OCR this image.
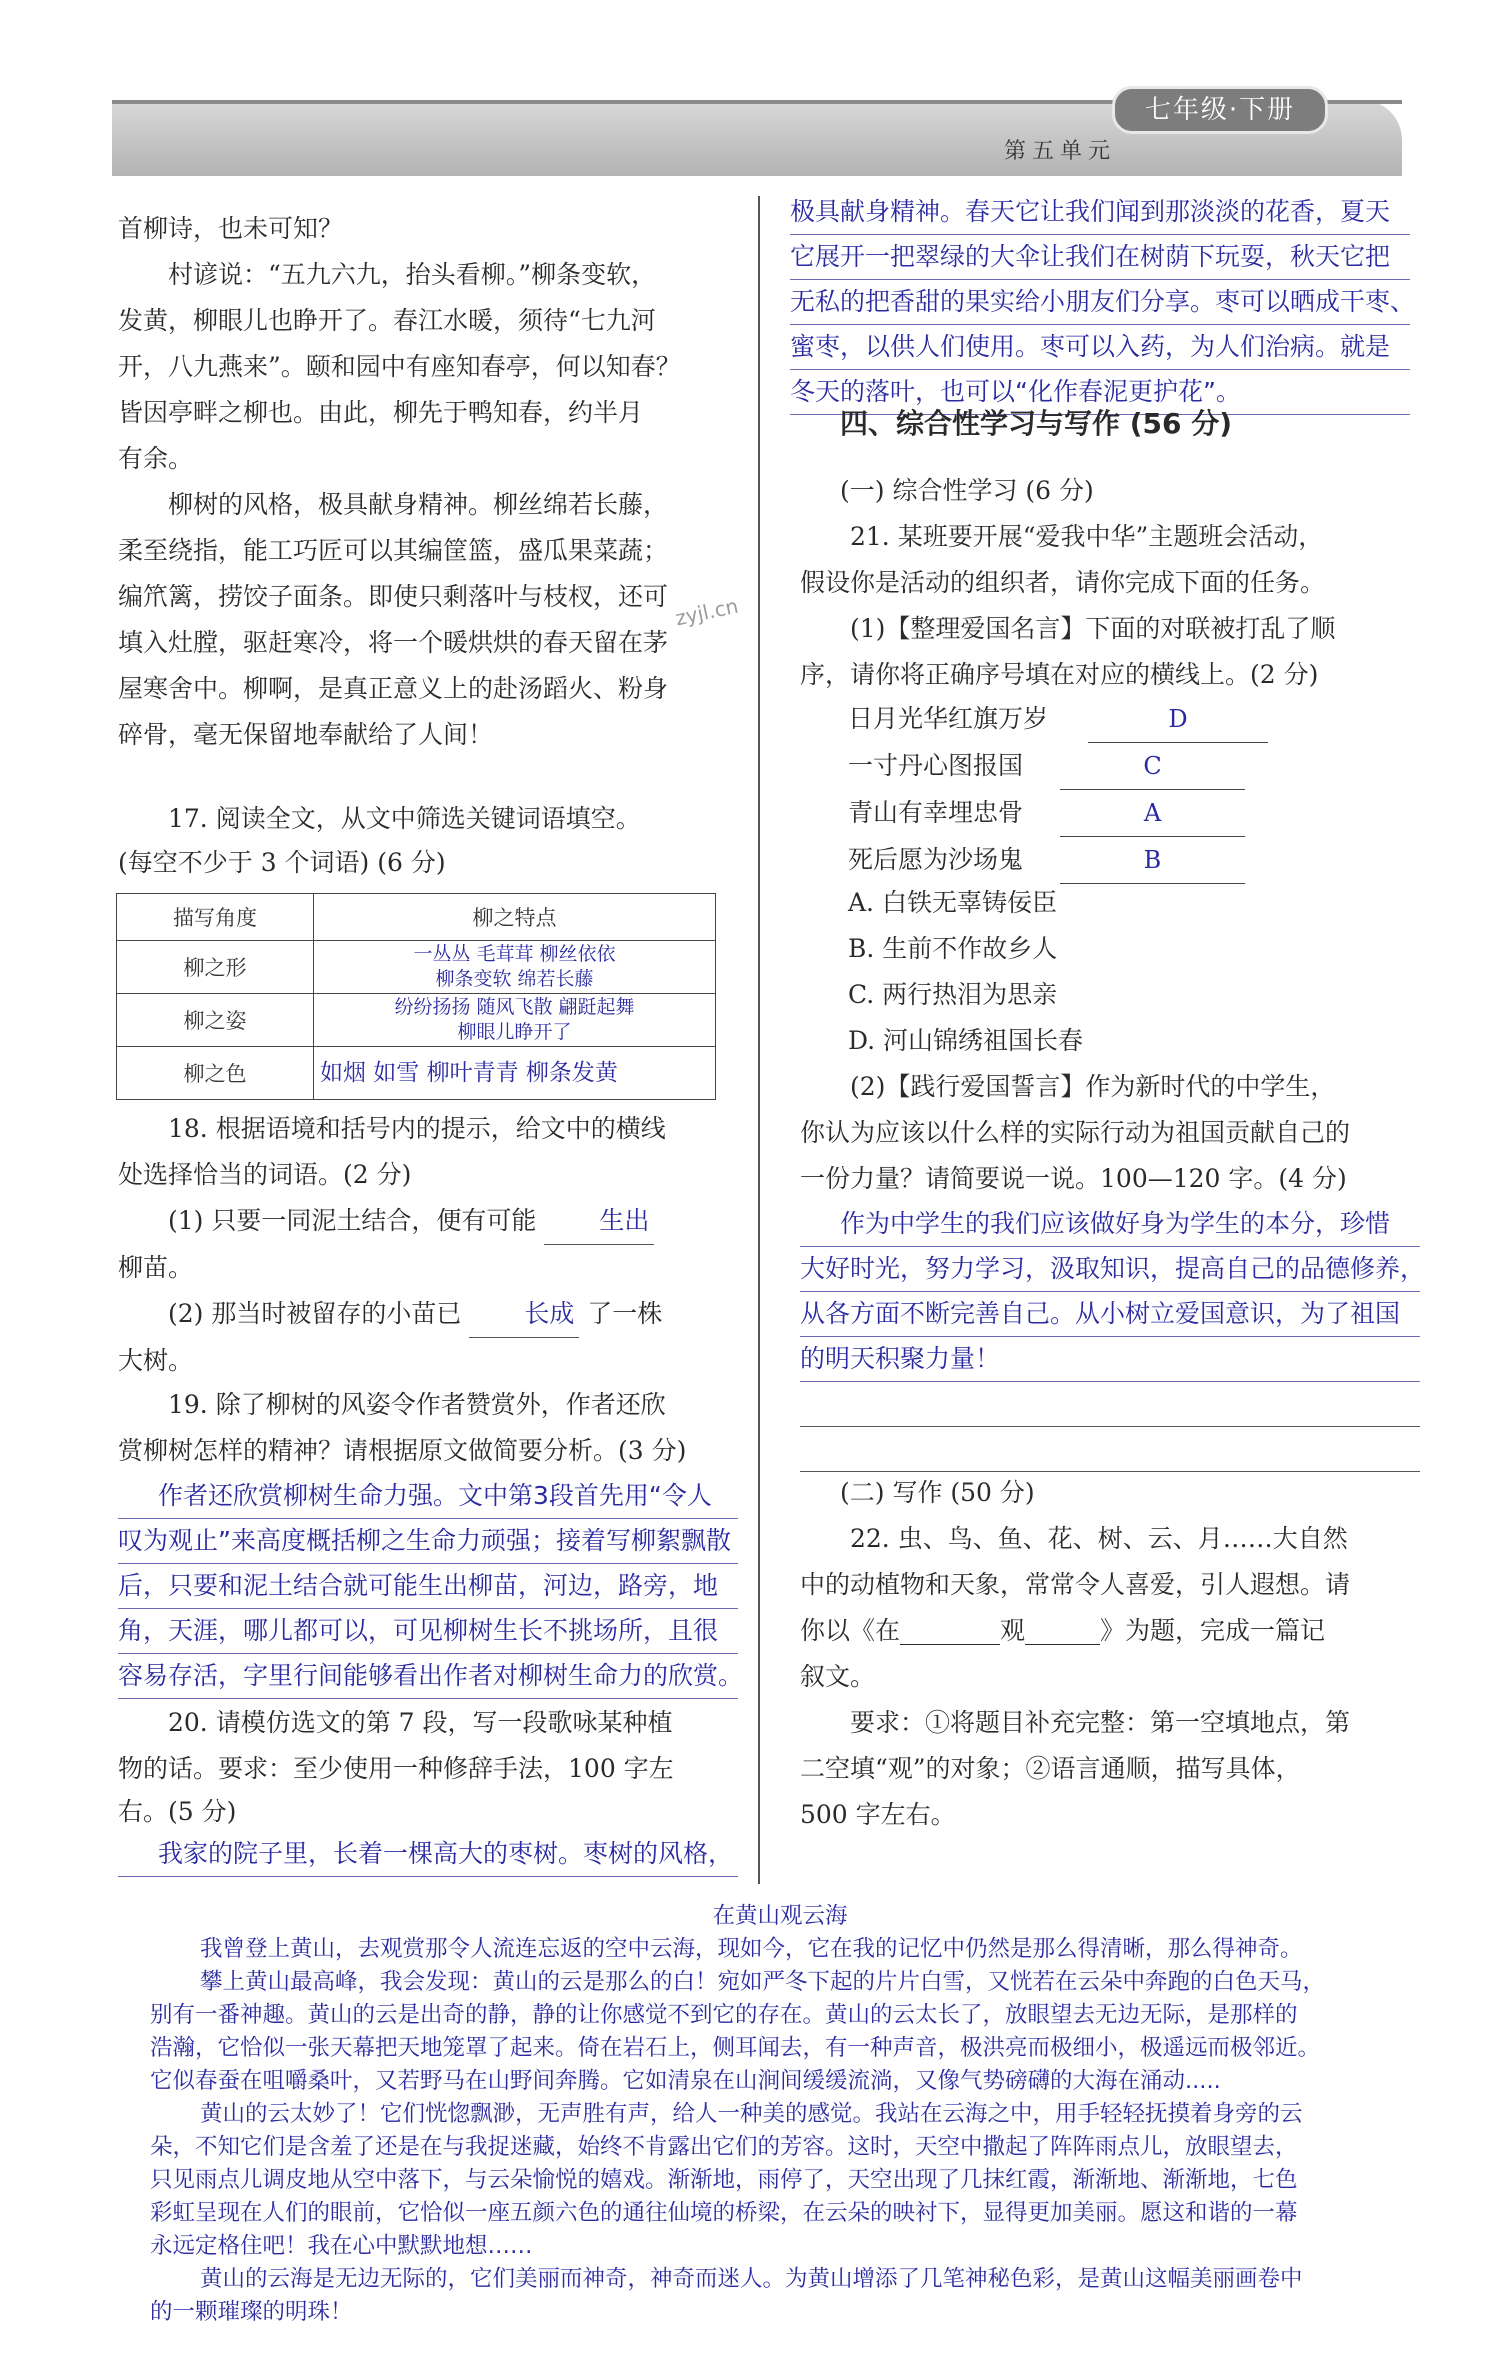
七年级·下册
第五单元
zyjl.cn
首柳诗，也未可知？
村谚说：“五九六九，抬头看柳。”柳条变软，
发黄，柳眼儿也睁开了。春江水暖，须待“七九河
开，八九燕来”。颐和园中有座知春亭，何以知春？
皆因亭畔之柳也。由此，柳先于鸭知春，约半月
有余。
柳树的风格，极具献身精神。柳丝绵若长藤，
柔至绕指，能工巧匠可以其编筐篮，盛瓜果菜蔬；
编笊篱，捞饺子面条。即使只剩落叶与枝杈，还可
填入灶膛，驱赶寒冷，将一个暖烘烘的春天留在茅
屋寒舍中。柳啊，是真正意义上的赴汤蹈火、粉身
碎骨，毫无保留地奉献给了人间！
17. 阅读全文，从文中筛选关键词语填空。
(每空不少于 3 个词语) (6 分)
描写角度	柳之特点
柳之形	一丛丛 毛茸茸 柳丝依依
柳条变软 绵若长藤

柳之姿	纷纷扬扬 随风飞散 翩跹起舞
柳眼儿睁开了

柳之色	如烟 如雪 柳叶青青 柳条发黄
18. 根据语境和括号内的提示，给文中的横线
处选择恰当的词语。(2 分)
(1) 只要一同泥土结合，便有可能	生出
柳苗。
(2) 那当时被留存的小苗已	长成 了一株
大树。
19. 除了柳树的风姿令作者赞赏外，作者还欣
赏柳树怎样的精神？请根据原文做简要分析。(3 分)
作者还欣赏柳树生命力强。文中第3段首先用“令人
叹为观止”来高度概括柳之生命力顽强；接着写柳絮飘散
后，只要和泥土结合就可能生出柳苗，河边，路旁，地
角，天涯，哪儿都可以，可见柳树生长不挑场所，且很
容易存活，字里行间能够看出作者对柳树生命力的欣赏。
20. 请模仿选文的第 7 段，写一段歌咏某种植
物的话。要求：至少使用一种修辞手法，100 字左
右。(5 分)
我家的院子里，长着一棵高大的枣树。枣树的风格，
极具献身精神。春天它让我们闻到那淡淡的花香，夏天
它展开一把翠绿的大伞让我们在树荫下玩耍，秋天它把
无私的把香甜的果实给小朋友们分享。枣可以晒成干枣、
蜜枣，以供人们使用。枣可以入药，为人们治病。就是
冬天的落叶，也可以“化作春泥更护花”。
四、综合性学习与写作 (56 分)
(一) 综合性学习 (6 分)
21. 某班要开展“爱我中华”主题班会活动，
假设你是活动的组织者，请你完成下面的任务。
(1)【整理爱国名言】下面的对联被打乱了顺
序，请你将正确序号填在对应的横线上。(2 分)
日月光华红旗万岁	D
一寸丹心图报国	C
青山有幸埋忠骨	A
死后愿为沙场鬼	B
A. 白铁无辜铸佞臣
B. 生前不作故乡人
C. 两行热泪为思亲
D. 河山锦绣祖国长春
(2)【践行爱国誓言】作为新时代的中学生，
你认为应该以什么样的实际行动为祖国贡献自己的
一份力量？请简要说一说。100—120 字。(4 分)
作为中学生的我们应该做好身为学生的本分，珍惜
大好时光，努力学习，汲取知识，提高自己的品德修养，
从各方面不断完善自己。从小树立爱国意识，为了祖国
的明天积聚力量！
(二) 写作 (50 分)
22. 虫、鸟、鱼、花、树、云、月……大自然
中的动植物和天象，常常令人喜爱，引人遐想。请
你以《在________观______》为题，完成一篇记
叙文。
要求：①将题目补充完整：第一空填地点，第
二空填“观”的对象；②语言通顺，描写具体，
500 字左右。
在黄山观云海
我曾登上黄山，去观赏那令人流连忘返的空中云海，现如今，它在我的记忆中仍然是那么得清晰，那么得神奇。
攀上黄山最高峰，我会发现：黄山的云是那么的白！宛如严冬下起的片片白雪，又恍若在云朵中奔跑的白色天马，
别有一番神趣。黄山的云是出奇的静，静的让你感觉不到它的存在。黄山的云太长了，放眼望去无边无际，是那样的
浩瀚，它恰似一张天幕把天地笼罩了起来。倚在岩石上，侧耳闻去，有一种声音，极洪亮而极细小，极遥远而极邻近。
它似春蚕在咀嚼桑叶，又若野马在山野间奔腾。它如清泉在山涧间缓缓流淌，又像气势磅礴的大海在涌动.....
黄山的云太妙了！它们恍惚飘渺，无声胜有声，给人一种美的感觉。我站在云海之中，用手轻轻抚摸着身旁的云
朵，不知它们是含羞了还是在与我捉迷藏，始终不肯露出它们的芳容。这时，天空中撒起了阵阵雨点儿，放眼望去，
只见雨点儿调皮地从空中落下，与云朵愉悦的嬉戏。渐渐地，雨停了，天空出现了几抹红霞，渐渐地、渐渐地，七色
彩虹呈现在人们的眼前，它恰似一座五颜六色的通往仙境的桥梁，在云朵的映衬下，显得更加美丽。愿这和谐的一幕
永远定格住吧！我在心中默默地想……
黄山的云海是无边无际的，它们美丽而神奇，神奇而迷人。为黄山增添了几笔神秘色彩，是黄山这幅美丽画卷中
的一颗璀璨的明珠！
